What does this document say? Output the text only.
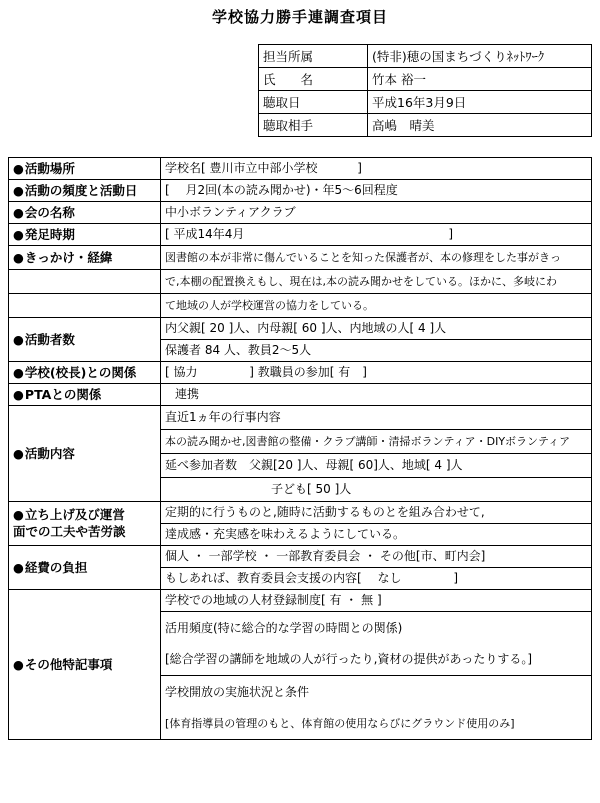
学校協力勝手連調査項目
担当所属	(特非)穂の国まちづくりﾈｯﾄﾜｰｸ
氏　　名	竹本 裕一
聴取日	平成16年3月9日
聴取相手	高嶋　晴美
●活動場所	学校名[ 豊川市立中部小学校　　　 ]
●活動の頻度と活動日	[　 月2回(本の読み聞かせ)・年5～6回程度
●会の名称	中小ボランティアクラブ
●発足時期	[ 平成14年4月　　　　　　　　　　　　　　　　　]
●きっかけ・経緯	図書館の本が非常に傷んでいることを知った保護者が、本の修理をした事がきっ
	で,本棚の配置換えもし、現在は,本の読み聞かせをしている。ほかに、多岐にわ
	て地域の人が学校運営の協力をしている。
●活動者数	内父親[ 20 ]人、内母親[ 60 ]人、内地域の人[ 4 ]人
	保護者 84 人、教員2～5人
●学校(校長)との関係	[ 協力　　　　 ] 教職員の参加[ 有　]
●PTAとの関係	連携
●活動内容	直近1ヵ年の行事内容
	本の読み聞かせ,図書館の整備・クラブ講師・清掃ボランティア・DIYボランティア
	延べ参加者数　父親[20 ]人、母親[ 60]人、地域[ 4 ]人
	子ども[ 50 ]人
●立ち上げ及び運営
面での工夫や苦労談	定期的に行うものと,随時に活動するものとを組み合わせて,
	達成感・充実感を味わえるようにしている。
●経費の負担	個人 ・ 一部学校 ・ 一部教育委員会 ・ その他[市、町内会]
	もしあれば、教育委員会支援の内容[　 なし　　　　 ]
●その他特記事項	学校での地域の人材登録制度[ 有 ・ 無 ]
	活用頻度(特に総合的な学習の時間との関係)
	[総合学習の講師を地域の人が行ったり,資材の提供があったりする。]
	学校開放の実施状況と条件
	[体育指導員の管理のもと、体育館の使用ならびにグラウンド使用のみ]
